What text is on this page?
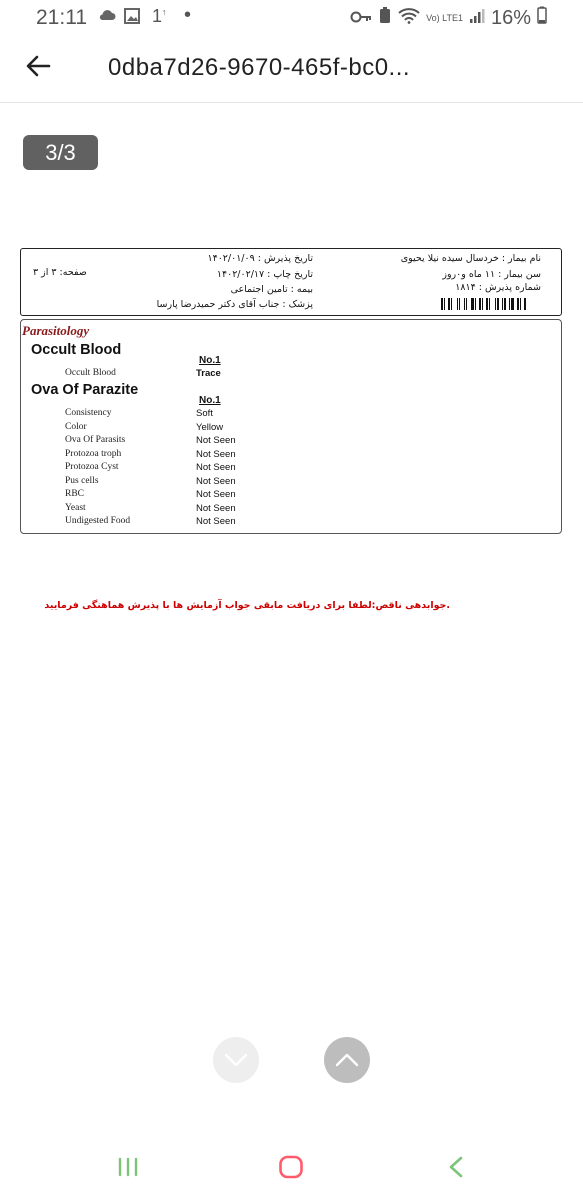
21:11	1↑ •	Vo) LTE1 16%
0dba7d26-9670-465f-bc0...
3/3
نام بیمار : خردسال سیده نیلا یحیوی
سن بیمار : ۱۱ ماه و۰روز
شماره پذیرش : ۱۸۱۴
تاریخ پذیرش : ۱۴۰۲/۰۱/۰۹
تاریخ چاپ : ۱۴۰۲/۰۲/۱۷
بیمه : تامین اجتماعی
پزشک : جناب آقای دکتر حمیدرضا پارسا
صفحه: ۳ از ۳
Parasitology
Occult Blood
No.1
Occult Blood	Trace
Ova Of Parazite
No.1
Consistency	Soft
Color	Yellow
Ova Of Parasits	Not Seen
Protozoa troph	Not Seen
Protozoa Cyst	Not Seen
Pus cells	Not Seen
RBC	Not Seen
Yeast	Not Seen
Undigested Food	Not Seen
.جوابدهی ناقص:لطفا برای دریافت مابقی جواب آزمایش ها با پذیرش هماهنگی فرمایید
